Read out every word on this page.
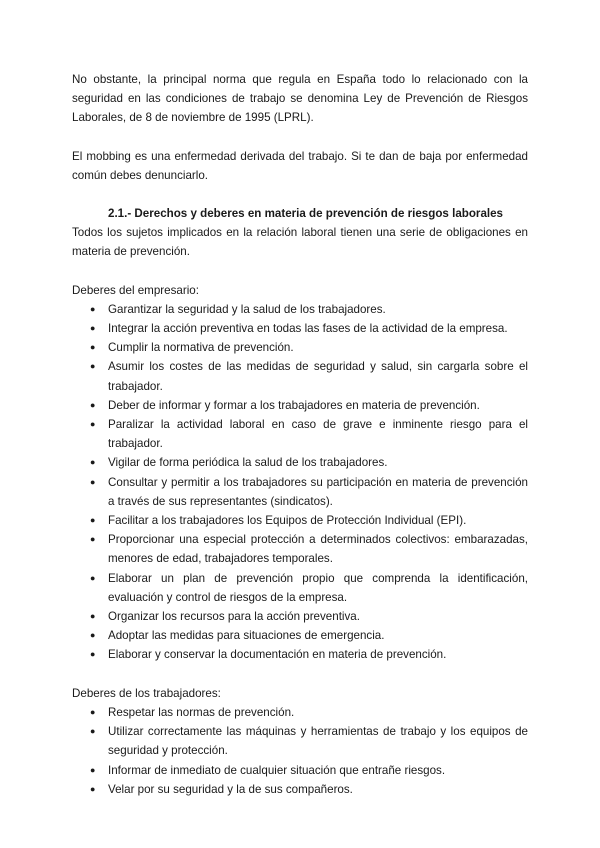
No obstante, la principal norma que regula en España todo lo relacionado con la seguridad en las condiciones de trabajo se denomina Ley de Prevención de Riesgos Laborales, de 8 de noviembre de 1995 (LPRL).

El mobbing es una enfermedad derivada del trabajo. Si te dan de baja por enfermedad común debes denunciarlo.

2.1.- Derechos y deberes en materia de prevención de riesgos laborales

Todos los sujetos implicados en la relación laboral tienen una serie de obligaciones en materia de prevención.

Deberes del empresario:

● Garantizar la seguridad y la salud de los trabajadores.
● Integrar la acción preventiva en todas las fases de la actividad de la empresa.
● Cumplir la normativa de prevención.
● Asumir los costes de las medidas de seguridad y salud, sin cargarla sobre el trabajador.
● Deber de informar y formar a los trabajadores en materia de prevención.
● Paralizar la actividad laboral en caso de grave e inminente riesgo para el trabajador.
● Vigilar de forma periódica la salud de los trabajadores.
● Consultar y permitir a los trabajadores su participación en materia de prevención a través de sus representantes (sindicatos).
● Facilitar a los trabajadores los Equipos de Protección Individual (EPI).
● Proporcionar una especial protección a determinados colectivos: embarazadas, menores de edad, trabajadores temporales.
● Elaborar un plan de prevención propio que comprenda la identificación, evaluación y control de riesgos de la empresa.
● Organizar los recursos para la acción preventiva.
● Adoptar las medidas para situaciones de emergencia.
● Elaborar y conservar la documentación en materia de prevención.

Deberes de los trabajadores:

● Respetar las normas de prevención.
● Utilizar correctamente las máquinas y herramientas de trabajo y los equipos de seguridad y protección.
● Informar de inmediato de cualquier situación que entrañe riesgos.
● Velar por su seguridad y la de sus compañeros.
